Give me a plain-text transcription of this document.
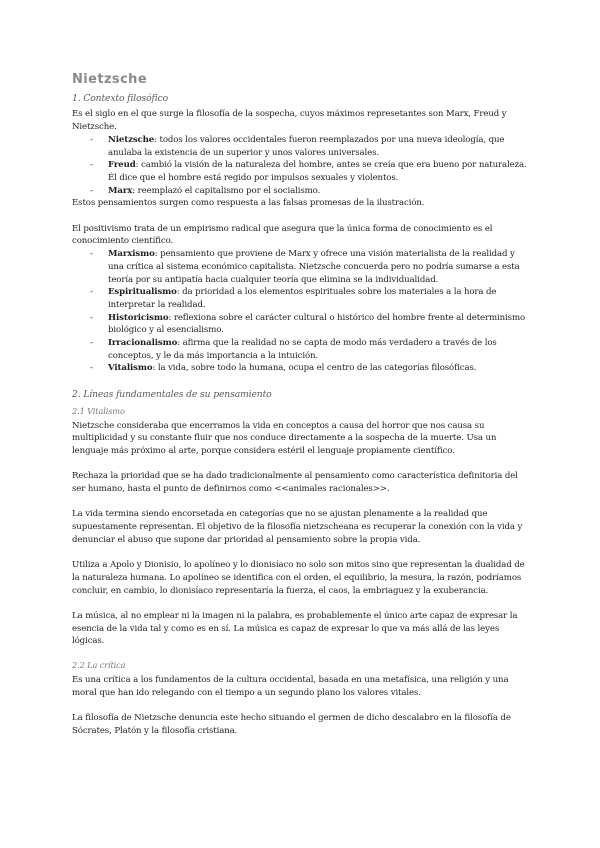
Nietzsche
1. Contexto filosófico

Es el siglo en el que surge la filosofía de la sospecha, cuyos máximos represetantes son Marx, Freud y Nietzsche.

- Nietzsche: todos los valores occidentales fueron reemplazados por una nueva ideología, que anulaba la existencia de un superior y unos valores universales.
- Freud: cambió la visión de la naturaleza del hombre, antes se creía que era bueno por naturaleza. Él dice que el hombre está regido por impulsos sexuales y violentos.
- Marx: reemplazó el capitalismo por el socialismo.

Estos pensamientos surgen como respuesta a las falsas promesas de la ilustración.

El positivismo trata de un empirismo radical que asegura que la única forma de conocimiento es el conocimiento científico.

- Marxismo: pensamiento que proviene de Marx y ofrece una visión materialista de la realidad y una crítica al sistema económico capitalista. Nietzsche concuerda pero no podría sumarse a esta teoría por su antipatía hacia cualquier teoría que elimina se la individualidad.
- Espiritualismo: da prioridad a los elementos espirituales sobre los materiales a la hora de interpretar la realidad.
- Historicismo: reflexiona sobre el carácter cultural o histórico del hombre frente al determinismo biológico y al esencialismo.
- Irracionalismo: afirma que la realidad no se capta de modo más verdadero a través de los conceptos, y le da más importancia a la intuición.
- Vitalismo: la vida, sobre todo la humana, ocupa el centro de las categorías filosóficas.
2. Líneas fundamentales de su pensamiento
2.1 Vitalismo

Nietzsche consideraba que encerramos la vida en conceptos a causa del horror que nos causa su multiplicidad y su constante fluir que nos conduce directamente a la sospecha de la muerte. Usa un lenguaje más próximo al arte, porque considera estéril el lenguaje propiamente científico.

Rechaza la prioridad que se ha dado tradicionalmente al pensamiento como característica definitoria del ser humano, hasta el punto de definirnos como <<animales racionales>>.

La vida termina siendo encorsetada en categorías que no se ajustan plenamente a la realidad que supuestamente representan. El objetivo de la filosofía nietzscheana es recuperar la conexión con la vida y denunciar el abuso que supone dar prioridad al pensamiento sobre la propia vida.

Utiliza a Apolo y Dionisio, lo apolíneo y lo dionisíaco no solo son mitos sino que representan la dualidad de la naturaleza humana. Lo apolíneo se identifica con el orden, el equilibrio, la mesura, la razón, podríamos concluir, en cambio, lo dionisíaco representaría la fuerza, el caos, la embriaguez y la exuberancia.

La música, al no emplear ni la imagen ni la palabra, es probablemente el único arte capaz de expresar la esencia de la vida tal y como es en sí. La música es capaz de expresar lo que va más allá de las leyes lógicas.

2.2 La crítica

Es una crítica a los fundamentos de la cultura occidental, basada en una metafísica, una religión y una moral que han ido relegando con el tiempo a un segundo plano los valores vitales.

La filosofía de Nietzsche denuncia este hecho situando el germen de dicho descalabro en la filosofía de Sócrates, Platón y la filosofía cristiana.
